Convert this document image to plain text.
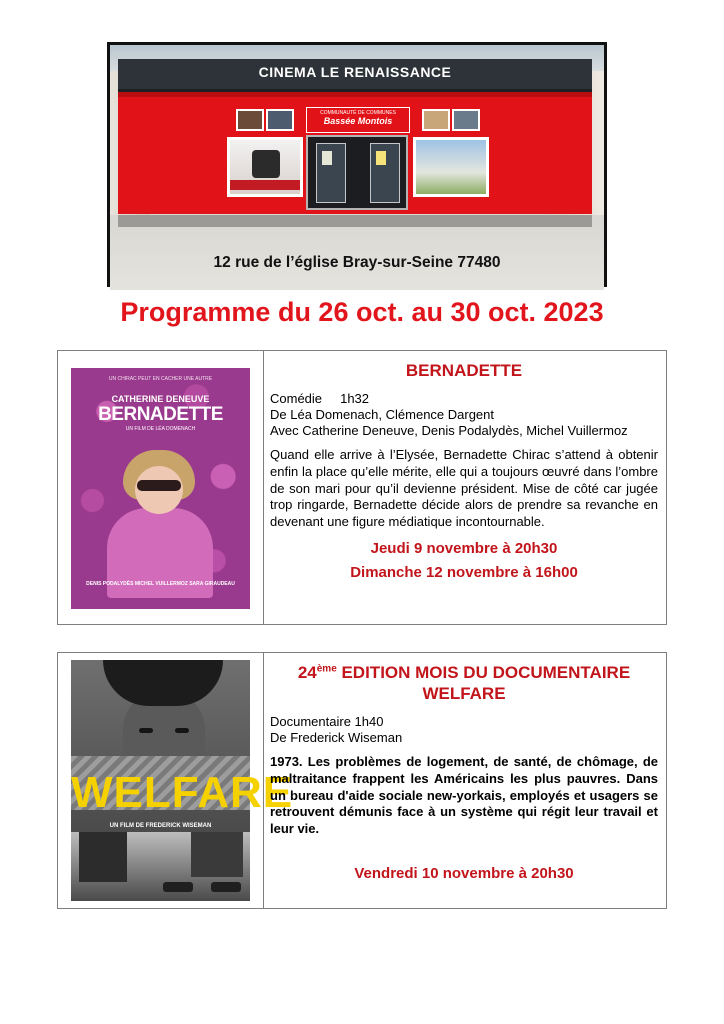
CINEMA LE RENAISSANCE
COMMUNAUTÉ DE COMMUNES
Bassée Montois
12 rue de l’église Bray-sur-Seine 77480
Programme du 26 oct. au 30 oct. 2023
UN CHIRAC PEUT EN CACHER UNE AUTRE
CATHERINE DENEUVE
BERNADETTE
UN FILM DE LÉA DOMENACH
DENIS PODALYDÈS MICHEL VUILLERMOZ SARA GIRAUDEAU
BERNADETTE
Comédie     1h32
De Léa Domenach, Clémence Dargent
Avec Catherine Deneuve, Denis Podalydès, Michel Vuillermoz
Quand elle arrive à l’Elysée, Bernadette Chirac s’attend à obtenir enfin la place qu’elle mérite, elle qui a toujours œuvré dans l’ombre de son mari pour qu’il devienne président. Mise de côté car jugée trop ringarde, Bernadette décide alors de prendre sa revanche en devenant une figure médiatique incontournable.
Jeudi 9 novembre à 20h30
Dimanche 12 novembre à 16h00
WELFARE
UN FILM DE FREDERICK WISEMAN
24ème EDITION MOIS DU DOCUMENTAIRE
WELFARE
Documentaire 1h40
De Frederick Wiseman
1973. Les problèmes de logement, de santé, de chômage, de maltraitance frappent les Américains les plus pauvres. Dans un bureau d'aide sociale new-yorkais, employés et usagers se retrouvent démunis face à un système qui régit leur travail et leur vie.
Vendredi 10 novembre à 20h30
